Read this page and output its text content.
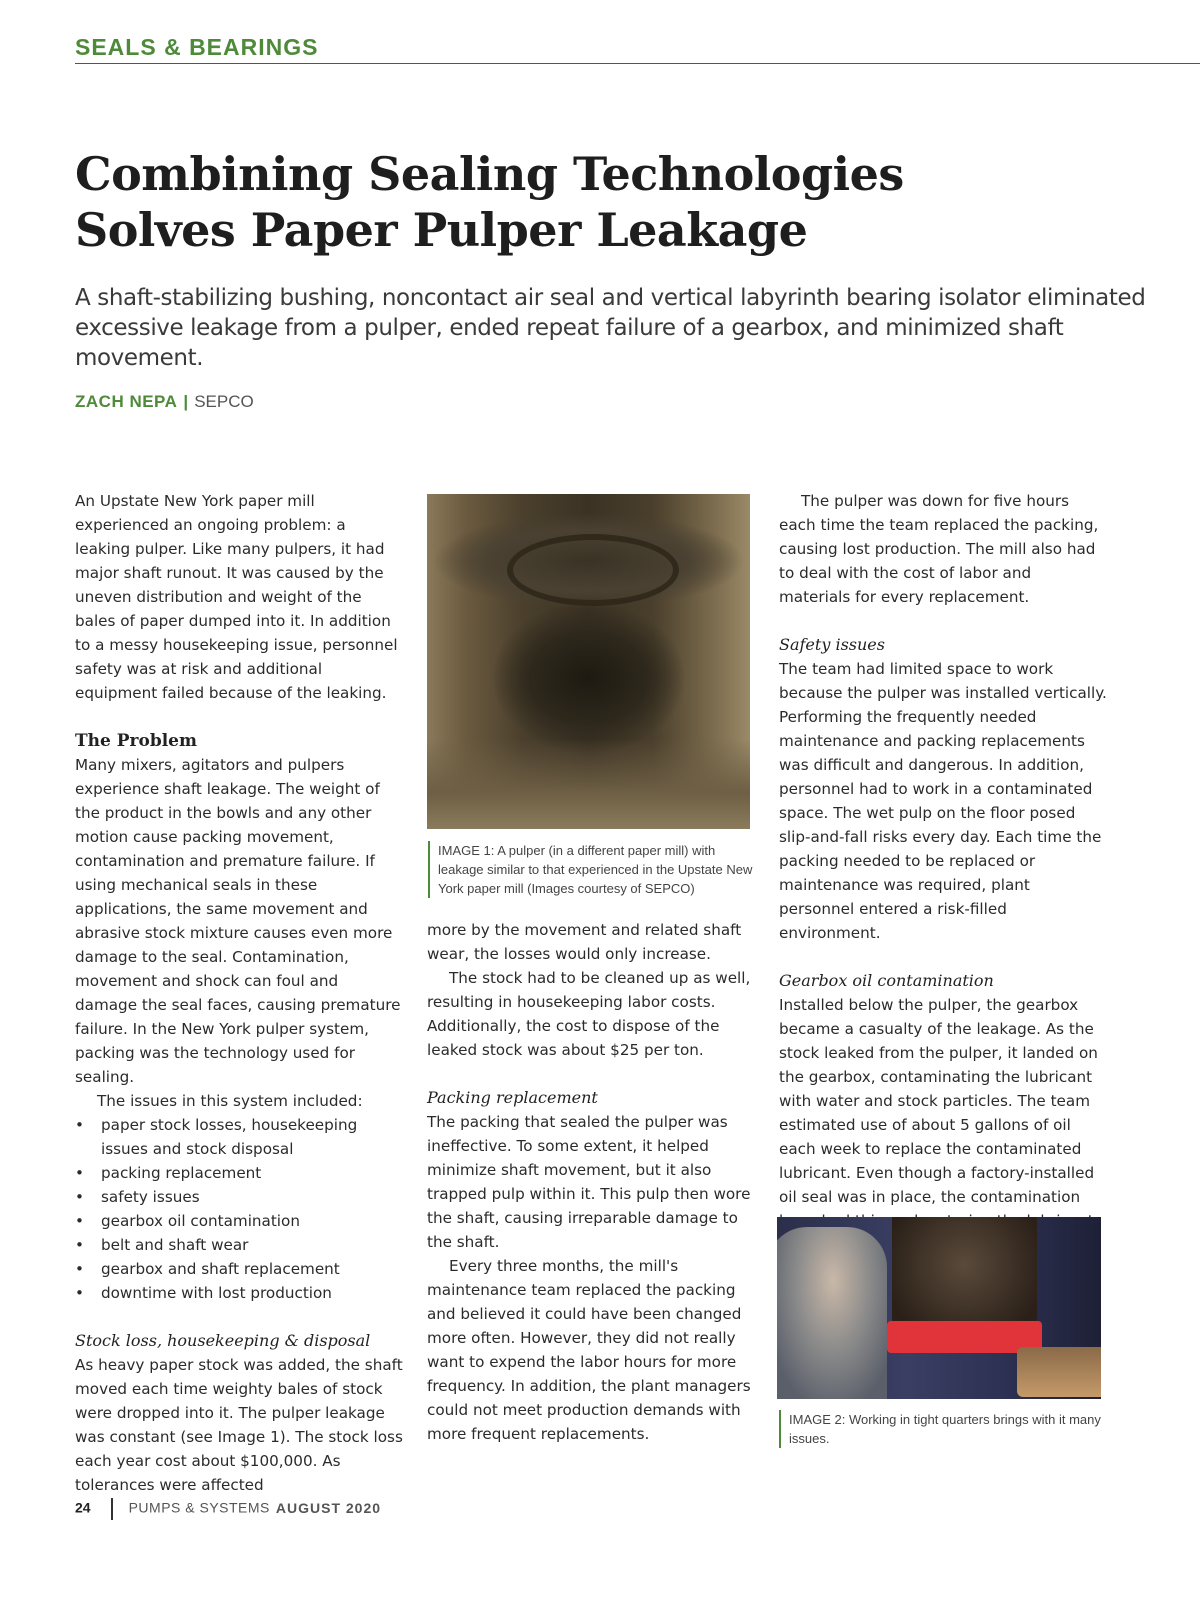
SEALS & BEARINGS
Combining Sealing Technologies
Solves Paper Pulper Leakage

A shaft-stabilizing bushing, noncontact air seal and vertical labyrinth bearing isolator eliminated excessive leakage from a pulper, ended repeat failure of a gearbox, and minimized shaft movement.

ZACH NEPA | SEPCO

An Upstate New York paper mill experienced an ongoing problem: a leaking pulper. Like many pulpers, it had major shaft runout. It was caused by the uneven distribution and weight of the bales of paper dumped into it. In addition to a messy housekeeping issue, personnel safety was at risk and additional equipment failed because of the leaking.

The Problem

Many mixers, agitators and pulpers experience shaft leakage. The weight of the product in the bowls and any other motion cause packing movement, contamination and premature failure. If using mechanical seals in these applications, the same movement and abrasive stock mixture causes even more damage to the seal. Contamination, movement and shock can foul and damage the seal faces, causing premature failure. In the New York pulper system, packing was the technology used for sealing.

The issues in this system included:

• paper stock losses, housekeeping issues and stock disposal
• packing replacement
• safety issues
• gearbox oil contamination
• belt and shaft wear
• gearbox and shaft replacement
• downtime with lost production
Stock loss, housekeeping & disposal

As heavy paper stock was added, the shaft moved each time weighty bales of stock were dropped into it. The pulper leakage was constant (see Image 1). The stock loss each year cost about $100,000. As tolerances were affected

IMAGE 1: A pulper (in a different paper mill) with leakage similar to that experienced in the Upstate New York paper mill (Images courtesy of SEPCO)

more by the movement and related shaft wear, the losses would only increase.

The stock had to be cleaned up as well, resulting in housekeeping labor costs. Additionally, the cost to dispose of the leaked stock was about $25 per ton.

Packing replacement

The packing that sealed the pulper was ineffective. To some extent, it helped minimize shaft movement, but it also trapped pulp within it. This pulp then wore the shaft, causing irreparable damage to the shaft.

Every three months, the mill's maintenance team replaced the packing and believed it could have been changed more often. However, they did not really want to expend the labor hours for more frequency. In addition, the plant managers could not meet production demands with more frequent replacements.

The pulper was down for five hours each time the team replaced the packing, causing lost production. The mill also had to deal with the cost of labor and materials for every replacement.

Safety issues

The team had limited space to work because the pulper was installed vertically. Performing the frequently needed maintenance and packing replacements was difficult and dangerous. In addition, personnel had to work in a contaminated space. The wet pulp on the floor posed slip-and-fall risks every day. Each time the packing needed to be replaced or maintenance was required, plant personnel entered a risk-filled environment.

Gearbox oil contamination

Installed below the pulper, the gearbox became a casualty of the leakage. As the stock leaked from the pulper, it landed on the gearbox, contaminating the lubricant with water and stock particles. The team estimated use of about 5 gallons of oil each week to replace the contaminated lubricant. Even though a factory-installed oil seal was in place, the contamination

IMAGE 2: Working in tight quarters brings with it many issues.
24	PUMPS & SYSTEMS AUGUST 2020
